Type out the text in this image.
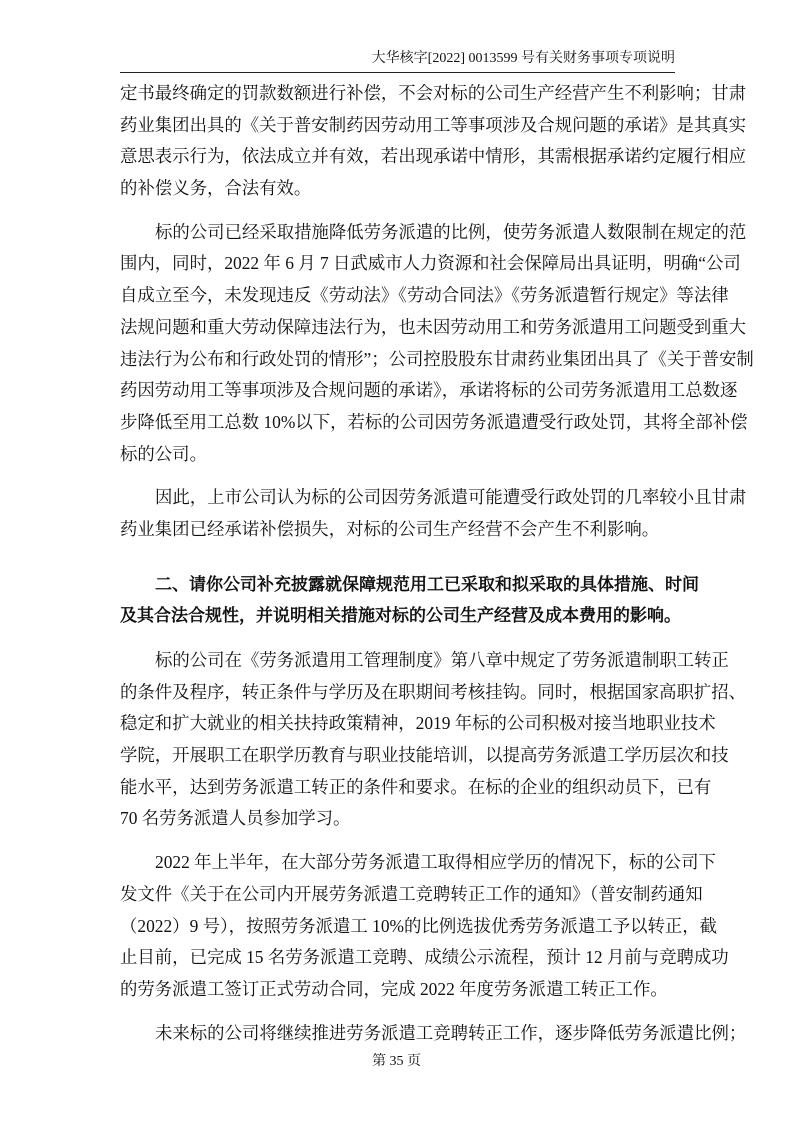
大华核字[2022] 0013599 号有关财务事项专项说明
定书最终确定的罚款数额进行补偿，不会对标的公司生产经营产生不利影响；甘肃
药业集团出具的《关于普安制药因劳动用工等事项涉及合规问题的承诺》是其真实
意思表示行为，依法成立并有效，若出现承诺中情形，其需根据承诺约定履行相应
的补偿义务，合法有效。
标的公司已经采取措施降低劳务派遣的比例，使劳务派遣人数限制在规定的范
围内，同时，2022 年 6 月 7 日武威市人力资源和社会保障局出具证明，明确“公司
自成立至今，未发现违反《劳动法》《劳动合同法》《劳务派遣暂行规定》等法律
法规问题和重大劳动保障违法行为，也未因劳动用工和劳务派遣用工问题受到重大
违法行为公布和行政处罚的情形”；公司控股股东甘肃药业集团出具了《关于普安制
药因劳动用工等事项涉及合规问题的承诺》，承诺将标的公司劳务派遣用工总数逐
步降低至用工总数 10%以下，若标的公司因劳务派遣遭受行政处罚，其将全部补偿
标的公司。
因此，上市公司认为标的公司因劳务派遣可能遭受行政处罚的几率较小且甘肃
药业集团已经承诺补偿损失，对标的公司生产经营不会产生不利影响。
二、请你公司补充披露就保障规范用工已采取和拟采取的具体措施、时间
及其合法合规性，并说明相关措施对标的公司生产经营及成本费用的影响。
标的公司在《劳务派遣用工管理制度》第八章中规定了劳务派遣制职工转正
的条件及程序，转正条件与学历及在职期间考核挂钩。同时，根据国家高职扩招、
稳定和扩大就业的相关扶持政策精神，2019 年标的公司积极对接当地职业技术
学院，开展职工在职学历教育与职业技能培训，以提高劳务派遣工学历层次和技
能水平，达到劳务派遣工转正的条件和要求。在标的企业的组织动员下，已有
70 名劳务派遣人员参加学习。
2022 年上半年，在大部分劳务派遣工取得相应学历的情况下，标的公司下
发文件《关于在公司内开展劳务派遣工竞聘转正工作的通知》（普安制药通知
（2022）9 号），按照劳务派遣工 10%的比例选拔优秀劳务派遣工予以转正，截
止目前，已完成 15 名劳务派遣工竞聘、成绩公示流程，预计 12 月前与竞聘成功
的劳务派遣工签订正式劳动合同，完成 2022 年度劳务派遣工转正工作。
未来标的公司将继续推进劳务派遣工竞聘转正工作，逐步降低劳务派遣比例；
第 35 页
